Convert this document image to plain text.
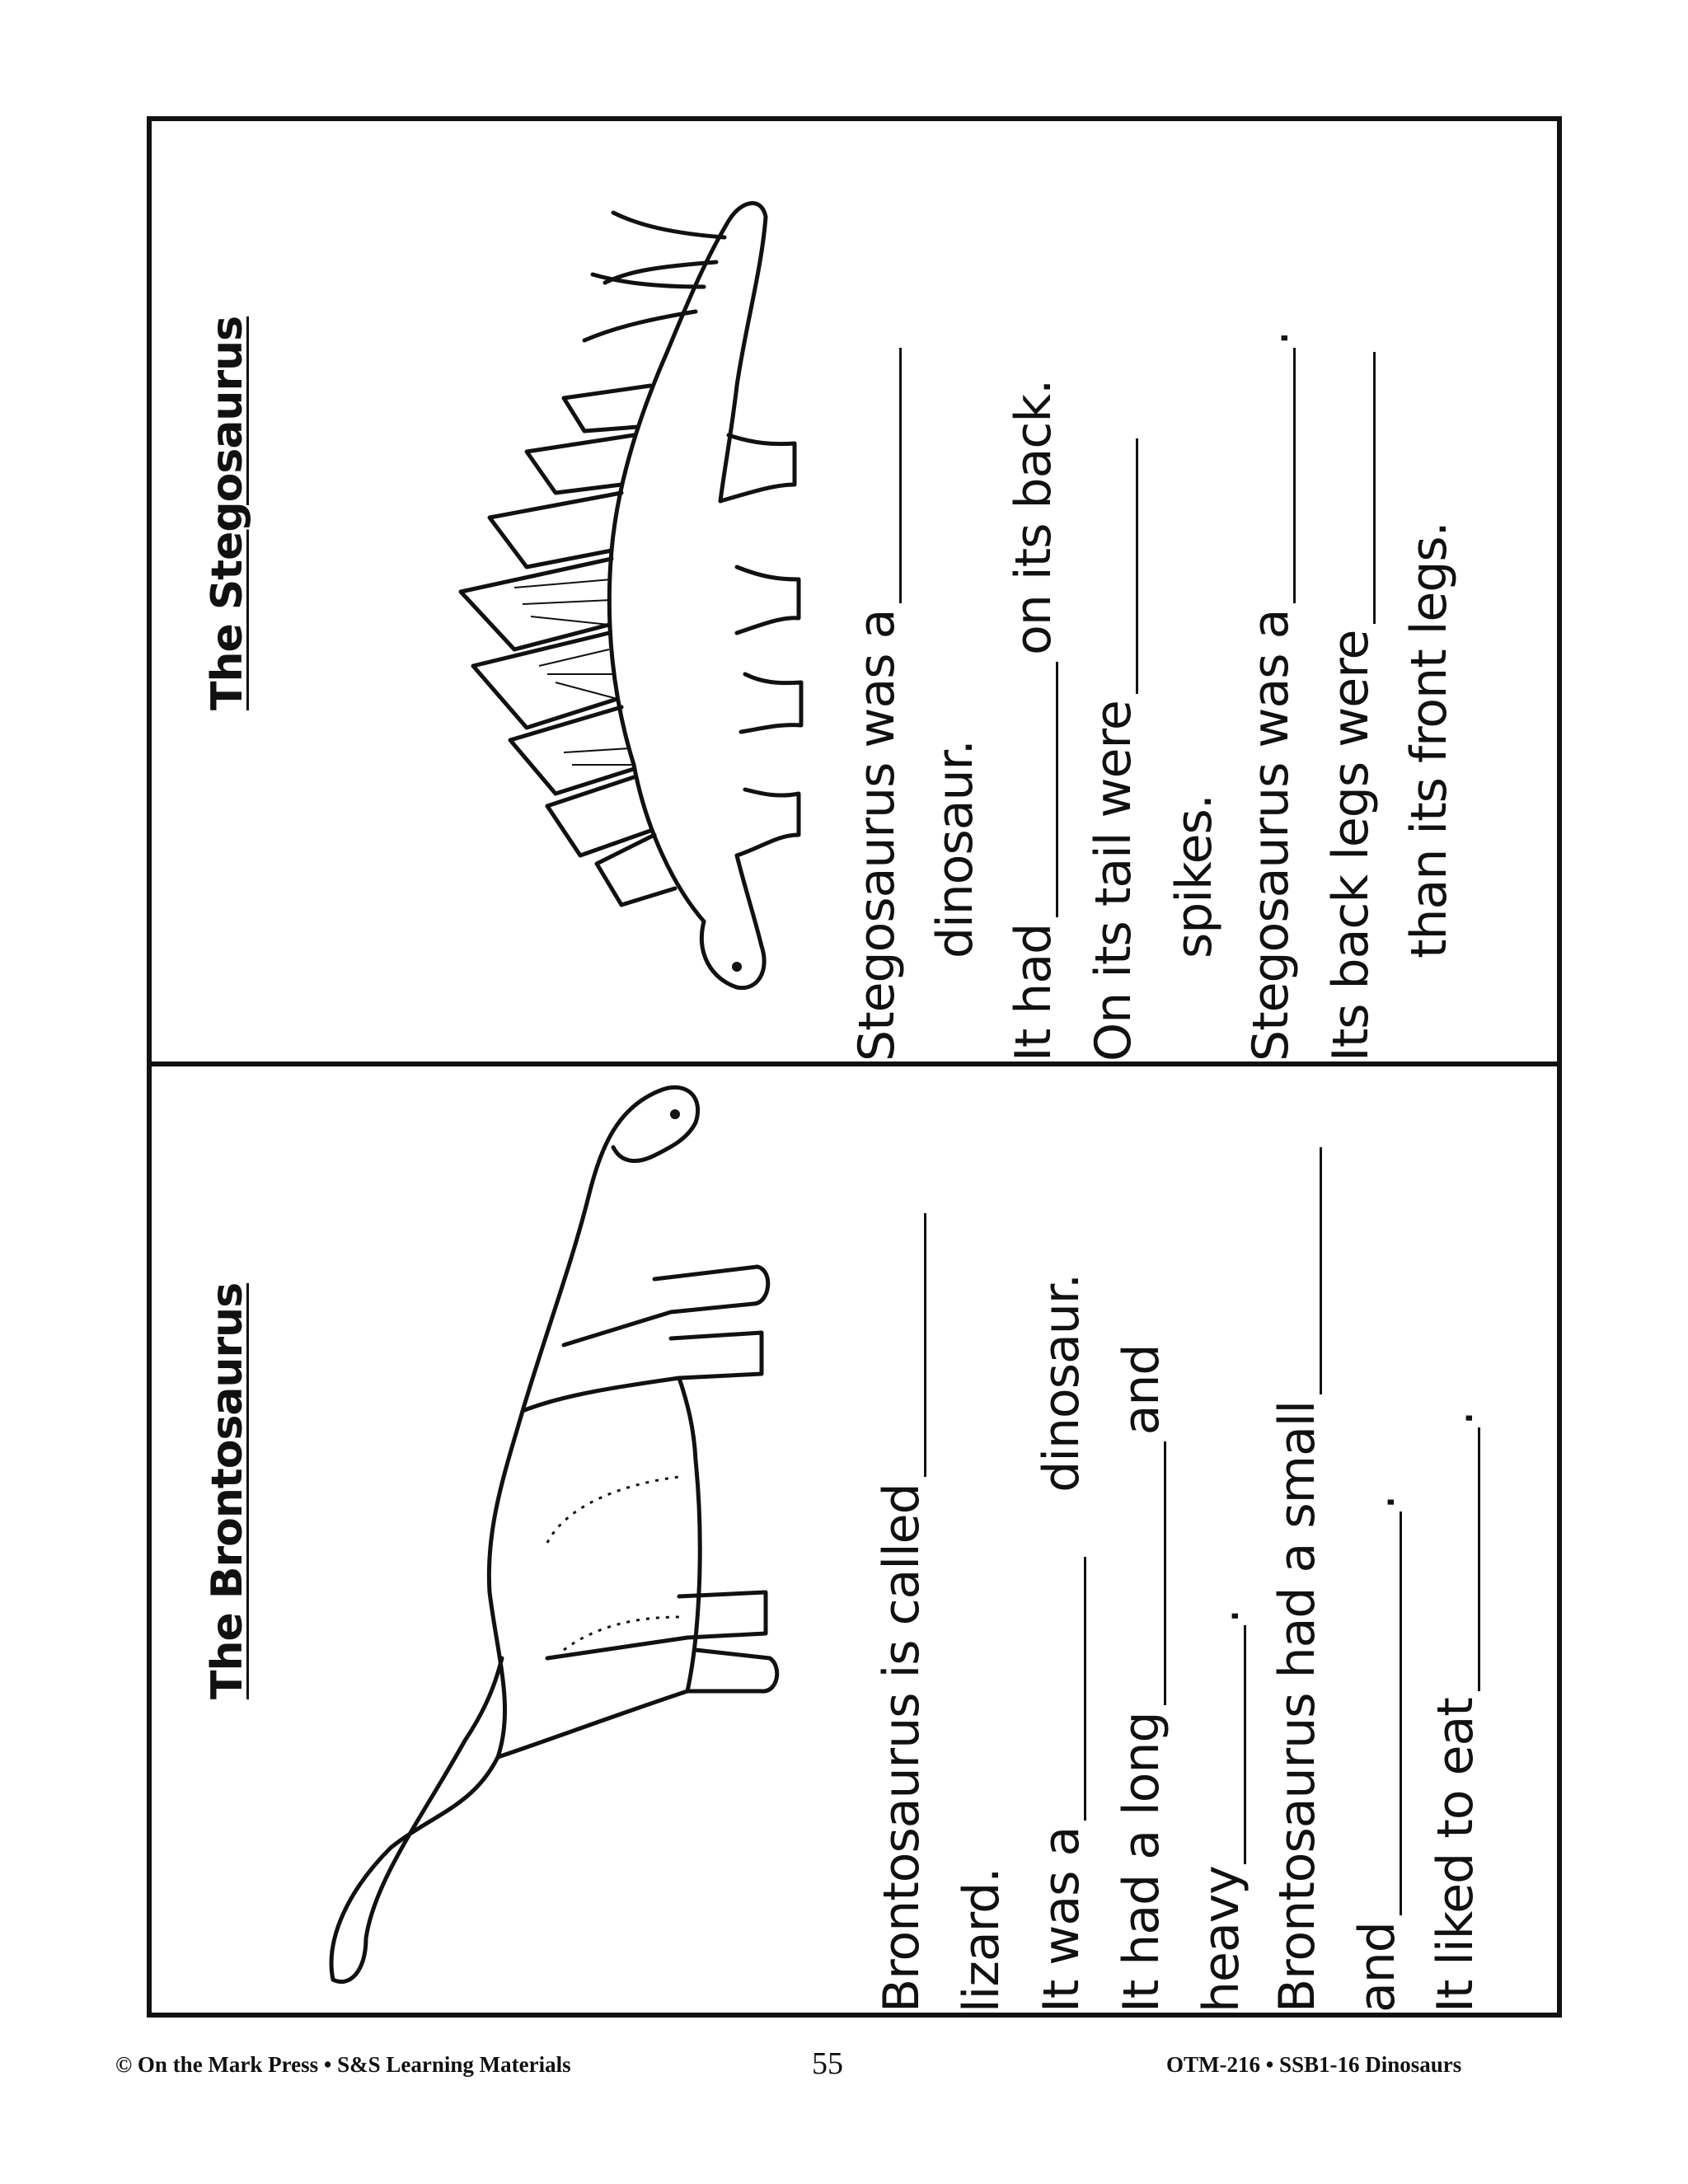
The Stegosaurus
Stegosaurus was a dinosaur.
It had
on its back.
On its tail were spikes. Stegosaurus was a
.
Its back legs were than its front legs.
The Brontosaurus	Brontosaurus is called lizard. It was a
dinosaur.
It had a long
and
heavy
. Brontosaurus had a small and
.
It liked to eat
.
© On the Mark Press • S&S Learning Materials	55	OTM-216 • SSB1-16 Dinosaurs
